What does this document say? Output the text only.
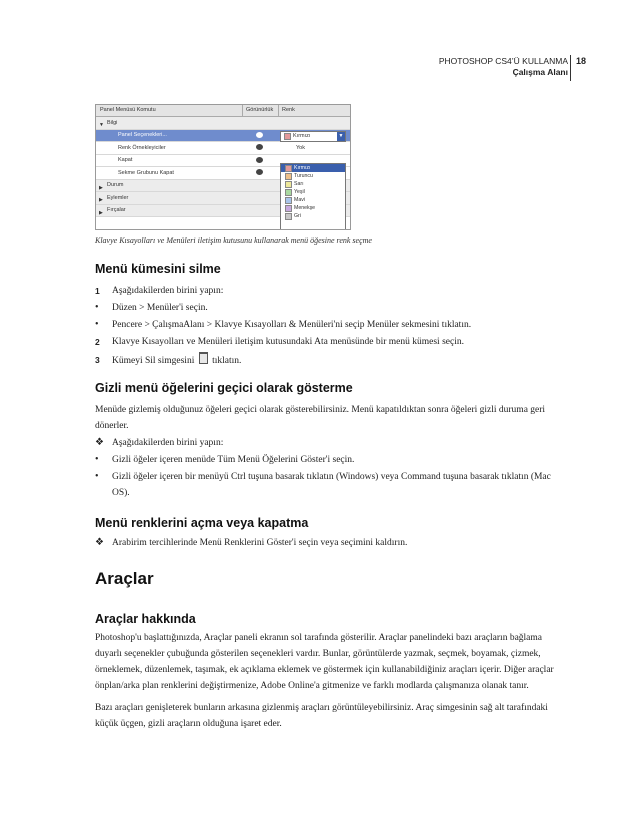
PHOTOSHOP CS4’Ü KULLANMA
Çalışma Alanı
18
Panel Menüsü Komutu	Görünürlük Renk
▼ Bilgi
Panel Seçenekleri...	Kırmızı	▼
Renk Örnekleyiciler	Yok
Kapat
Sekme Grubunu Kapat
▶ Durum
▶ Eylemler
▶ Fırçalar
Kırmızı
Turuncu
Sarı
Yeşil
Mavi
Menekşe
Gri
Klavye Kısayolları ve Menüleri iletişim kutusunu kullanarak menü öğesine renk seçme
Menü kümesini silme
1	Aşağıdakilerden birini yapın:
•	Düzen > Menüler'i seçin.
•	Pencere > ÇalışmaAlanı > Klavye Kısayolları & Menüleri'ni seçip Menüler sekmesini tıklatın.
2	Klavye Kısayolları ve Menüleri iletişim kutusundaki Ata menüsünde bir menü kümesi seçin.
3	Kümeyi Sil simgesini tıklatın.
Gizli menü öğelerini geçici olarak gösterme
Menüde gizlemiş olduğunuz öğeleri geçici olarak gösterebilirsiniz. Menü kapatıldıktan sonra öğeleri gizli duruma geri dönerler.
❖ Aşağıdakilerden birini yapın:
•	Gizli öğeler içeren menüde Tüm Menü Öğelerini Göster'i seçin.
•	Gizli öğeler içeren bir menüyü Ctrl tuşuna basarak tıklatın (Windows) veya Command tuşuna basarak tıklatın (Mac OS).
Menü renklerini açma veya kapatma
❖ Arabirim tercihlerinde Menü Renklerini Göster'i seçin veya seçimini kaldırın.
Araçlar
Araçlar hakkında
Photoshop'u başlattığınızda, Araçlar paneli ekranın sol tarafında gösterilir. Araçlar panelindeki bazı araçların bağlama duyarlı seçenekler çubuğunda gösterilen seçenekleri vardır. Bunlar, görüntülerde yazmak, seçmek, boyamak, çizmek, örneklemek, düzenlemek, taşımak, ek açıklama eklemek ve göstermek için kullanabildiğiniz araçları içerir. Diğer araçlar önplan/arka plan renklerini değiştirmenize, Adobe Online'a gitmenize ve farklı modlarda çalışmanıza olanak tanır.
Bazı araçları genişleterek bunların arkasına gizlenmiş araçları görüntüleyebilirsiniz. Araç simgesinin sağ alt tarafındaki küçük üçgen, gizli araçların olduğuna işaret eder.
